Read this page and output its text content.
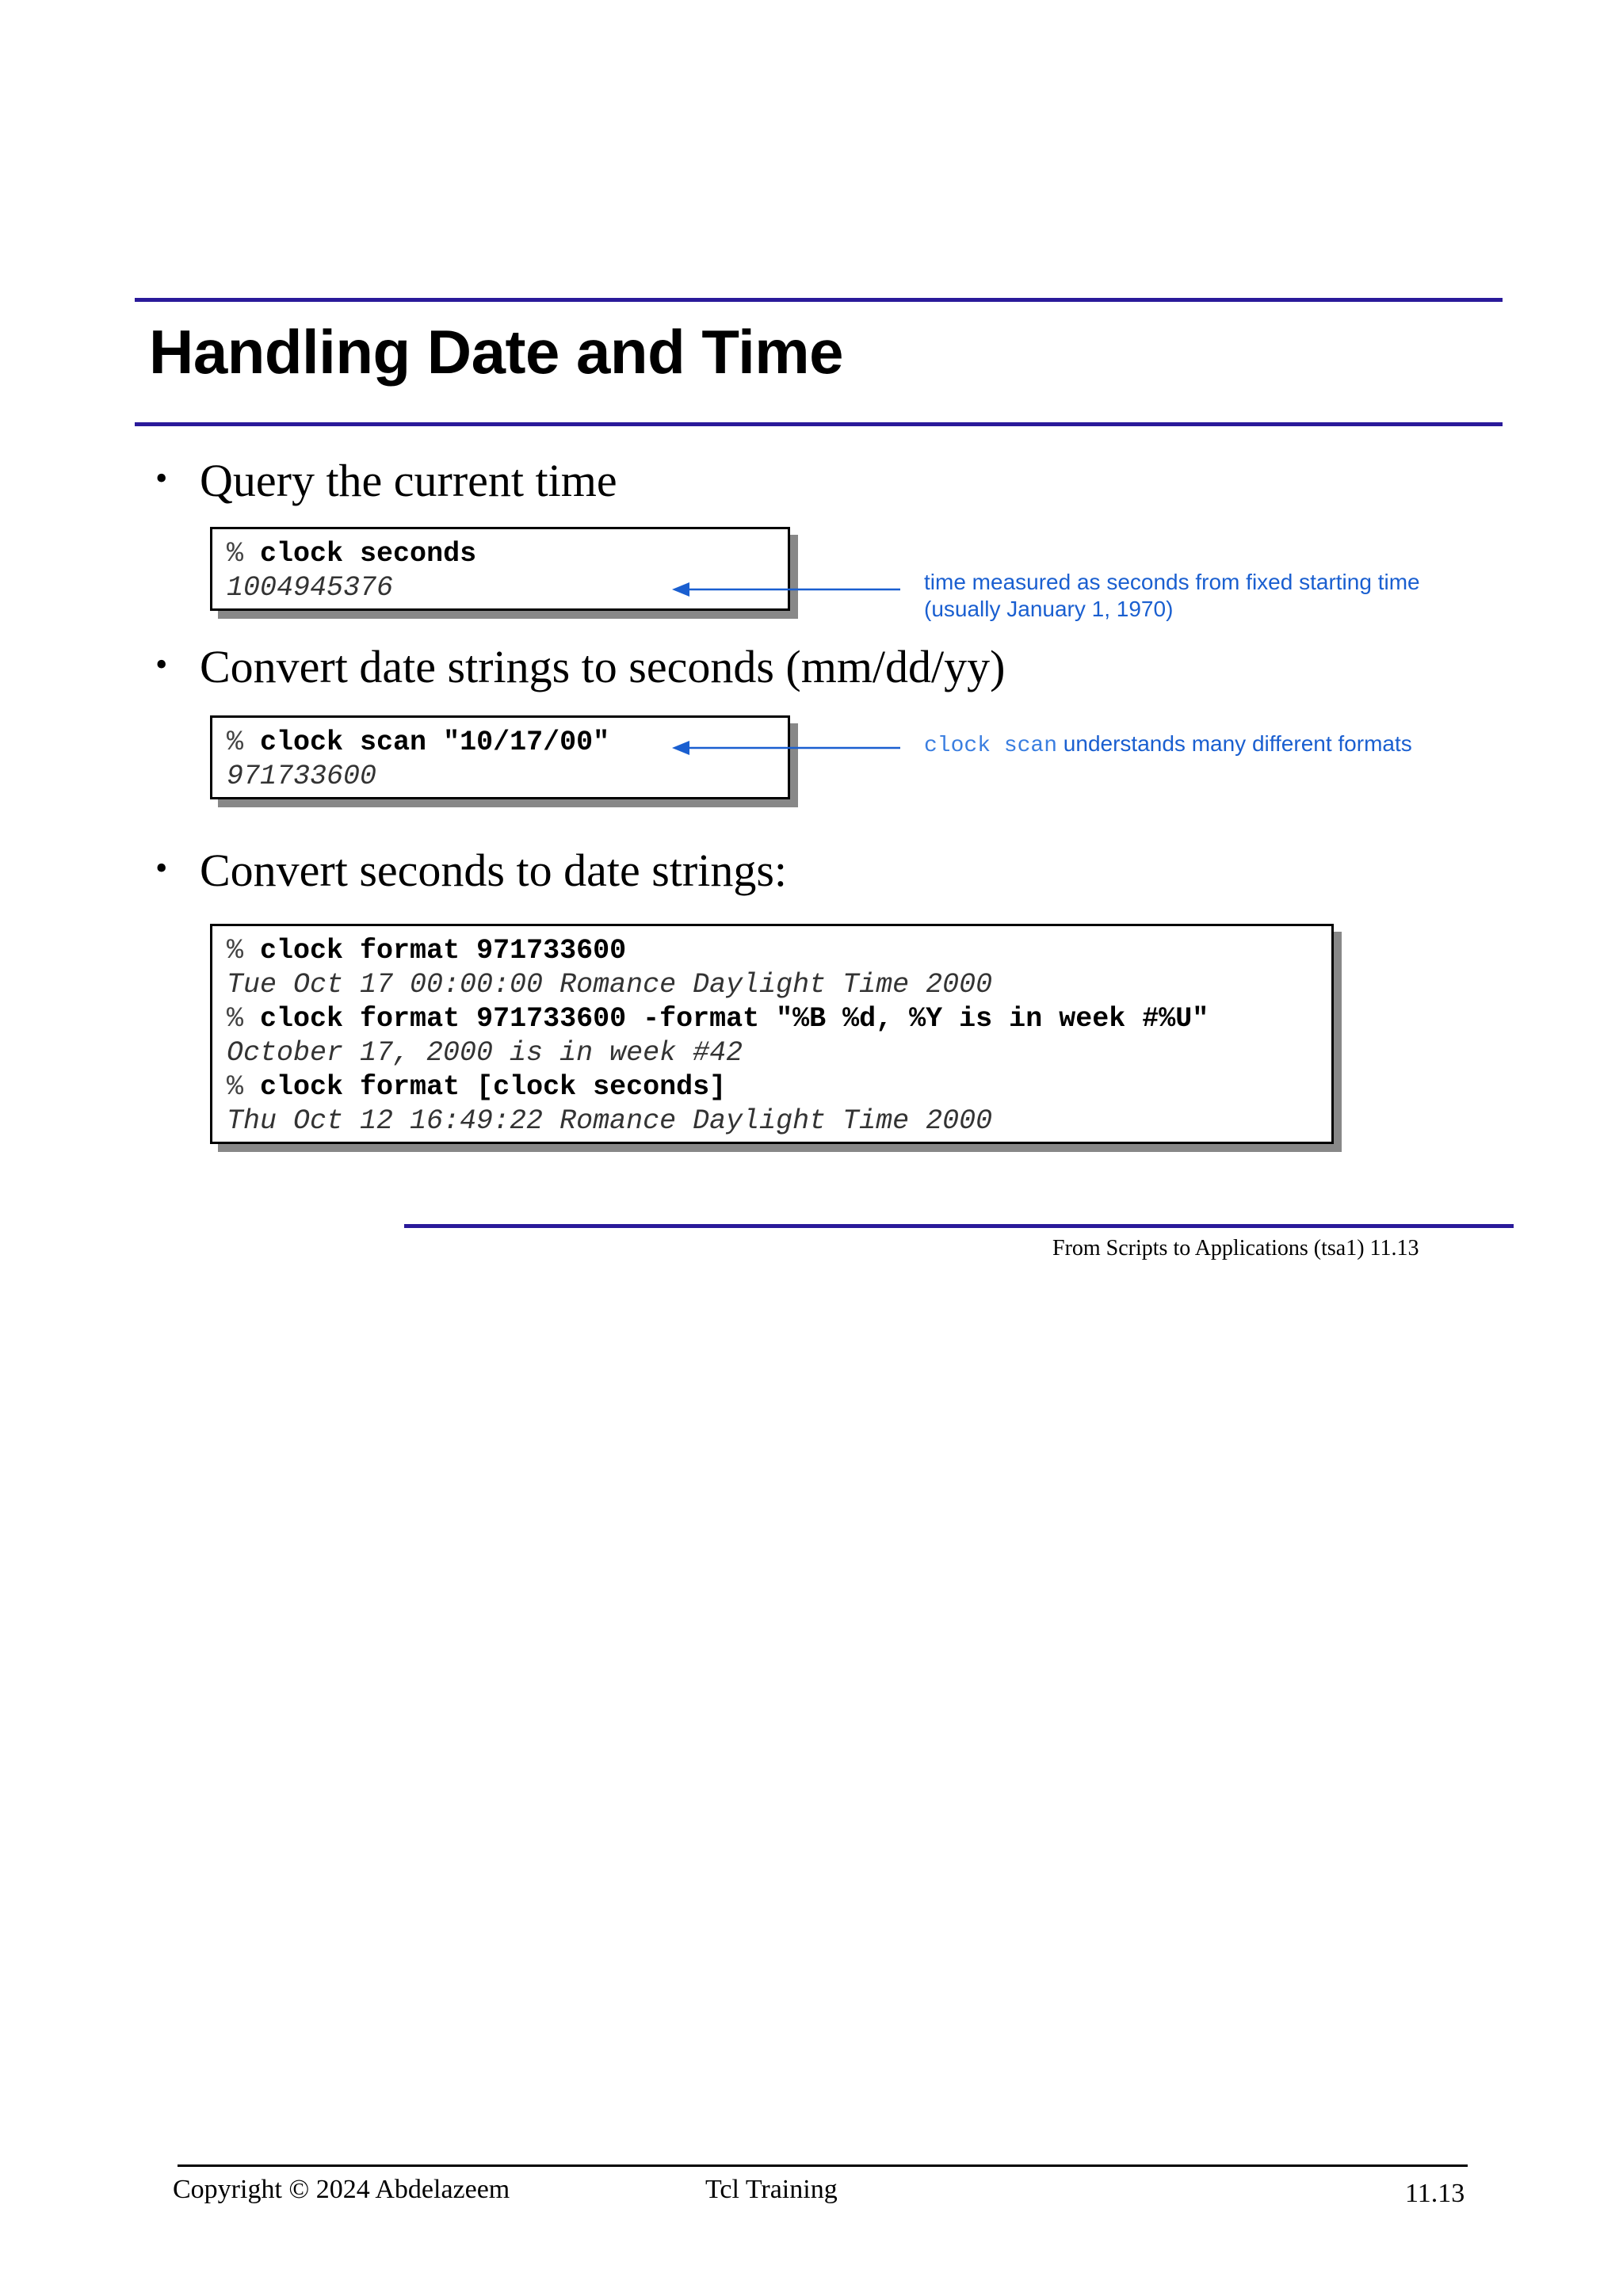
Handling Date and Time
• Query the current time
% clock seconds
1004945376	time measured as seconds from fixed starting time
(usually January 1, 1970)
• Convert date strings to seconds (mm/dd/yy)
% clock scan "10/17/00"
971733600
clock scan understands many different formats
• Convert seconds to date strings:
% clock format 971733600
Tue Oct 17 00:00:00 Romance Daylight Time 2000
% clock format 971733600 -format "%B %d, %Y is in week #%U"
October 17, 2000 is in week #42
% clock format [clock seconds]
Thu Oct 12 16:49:22 Romance Daylight Time 2000
From Scripts to Applications (tsa1) 11.13
Copyright © 2024 Abdelazeem	Tcl Training	11.13
